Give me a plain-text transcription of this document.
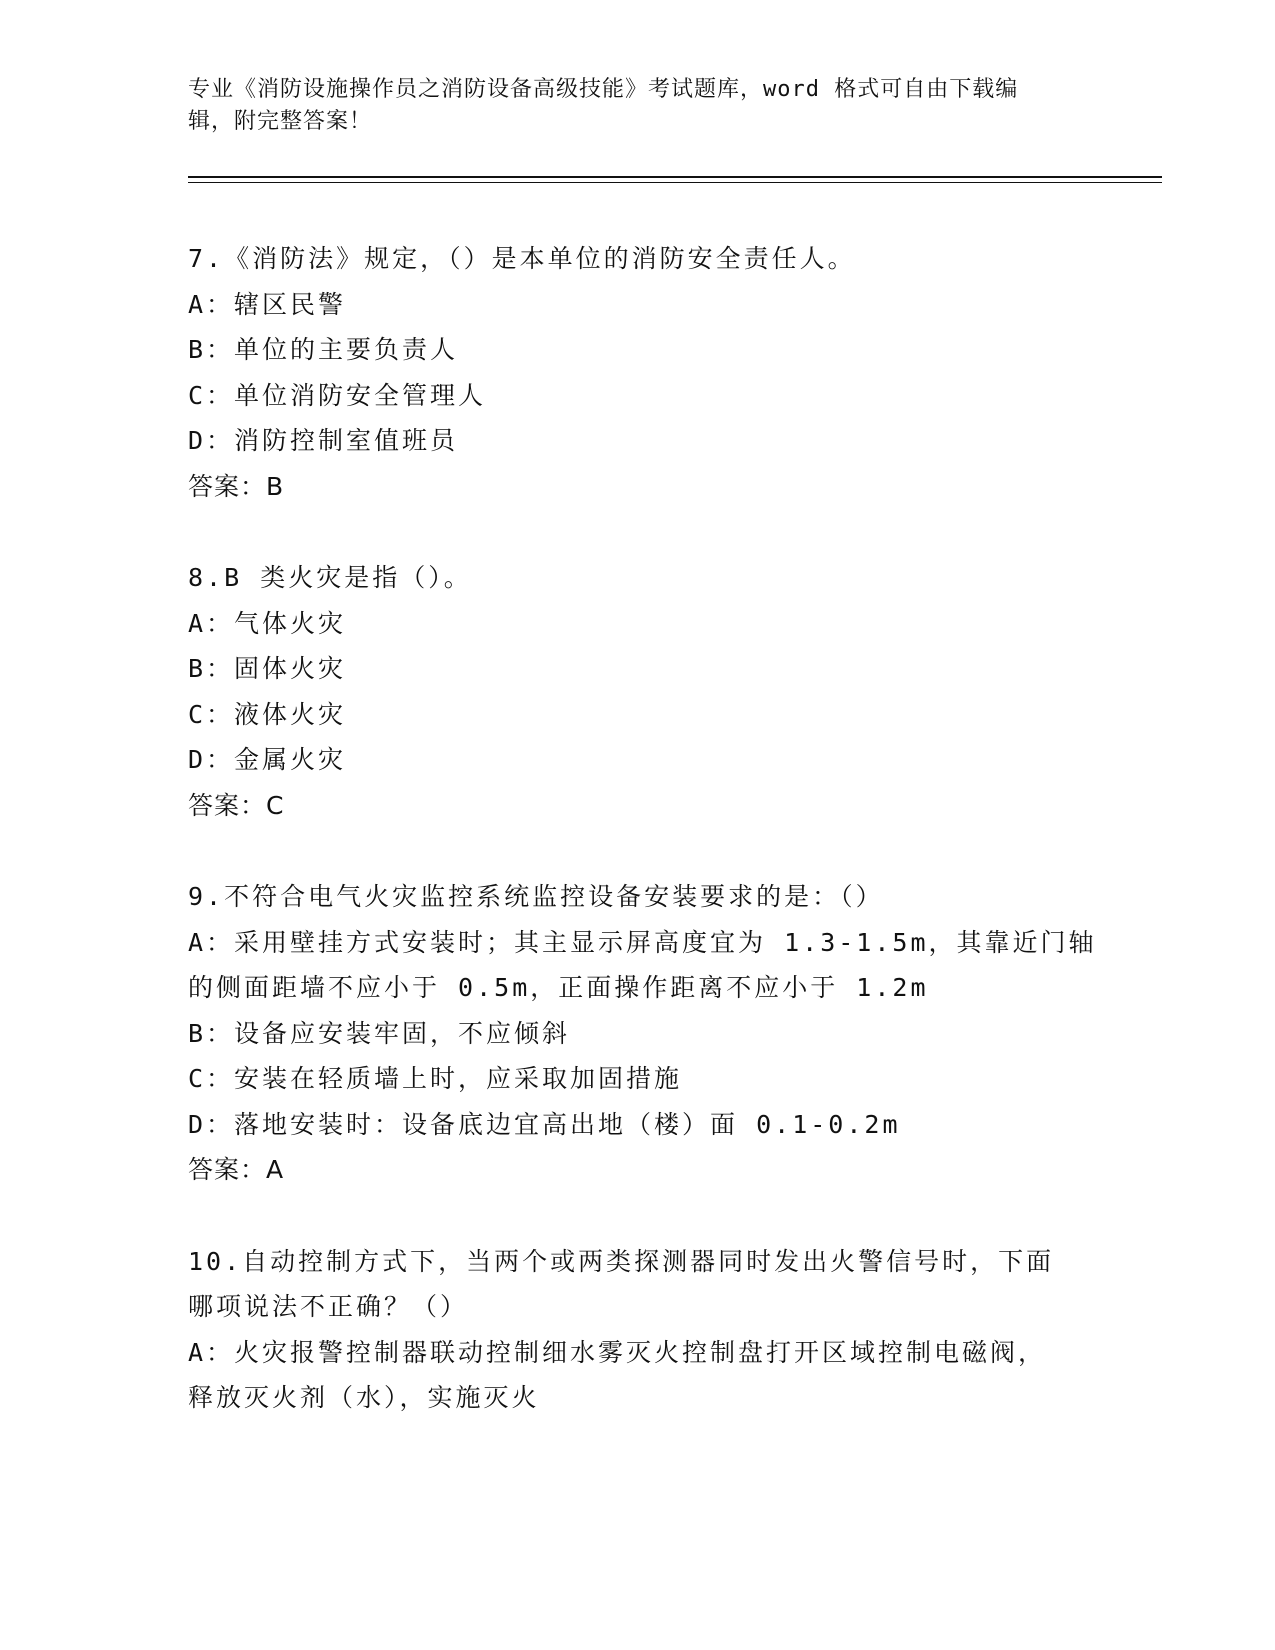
专业《消防设施操作员之消防设备高级技能》考试题库，word 格式可自由下载编
辑，附完整答案！
7.《消防法》规定，（）是本单位的消防安全责任人。
A：辖区民警
B：单位的主要负责人
C：单位消防安全管理人
D：消防控制室值班员
答案：B
8.B 类火灾是指（）。
A：气体火灾
B：固体火灾
C：液体火灾
D：金属火灾
答案：C
9.不符合电气火灾监控系统监控设备安装要求的是：（）
A：采用壁挂方式安装时；其主显示屏高度宜为 1.3-1.5m，其靠近门轴
的侧面距墙不应小于 0.5m，正面操作距离不应小于 1.2m
B：设备应安装牢固，不应倾斜
C：安装在轻质墙上时，应采取加固措施
D：落地安装时：设备底边宜高出地（楼）面 0.1-0.2m
答案：A
10.自动控制方式下，当两个或两类探测器同时发出火警信号时，下面
哪项说法不正确？（）
A：火灾报警控制器联动控制细水雾灭火控制盘打开区域控制电磁阀，
释放灭火剂（水），实施灭火
